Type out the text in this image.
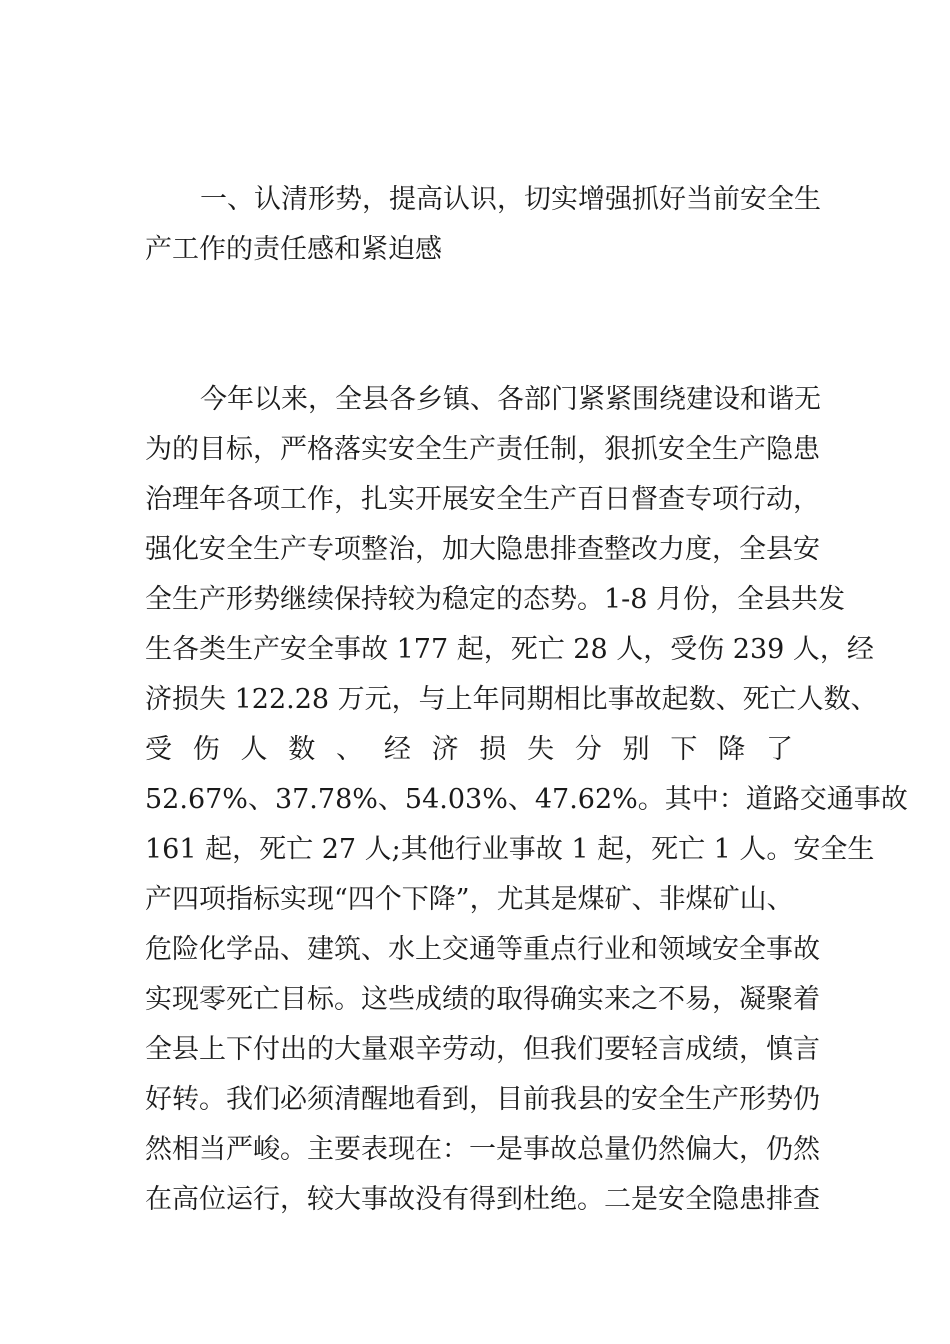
一、认清形势，提高认识，切实增强抓好当前安全生
产工作的责任感和紧迫感
今年以来，全县各乡镇、各部门紧紧围绕建设和谐无
为的目标，严格落实安全生产责任制，狠抓安全生产隐患
治理年各项工作，扎实开展安全生产百日督查专项行动，
强化安全生产专项整治，加大隐患排查整改力度，全县安
全生产形势继续保持较为稳定的态势。1-8 月份，全县共发
生各类生产安全事故 177 起，死亡 28 人，受伤 239 人，经
济损失 122.28 万元，与上年同期相比事故起数、死亡人数、
受 伤 人 数 、 经 济 损 失 分 别 下 降 了
52.67%、37.78%、54.03%、47.62%。其中：道路交通事故
161 起，死亡 27 人;其他行业事故 1 起，死亡 1 人。安全生
产四项指标实现“四个下降”，尤其是煤矿、非煤矿山、
危险化学品、建筑、水上交通等重点行业和领域安全事故
实现零死亡目标。这些成绩的取得确实来之不易，凝聚着
全县上下付出的大量艰辛劳动，但我们要轻言成绩，慎言
好转。我们必须清醒地看到，目前我县的安全生产形势仍
然相当严峻。主要表现在：一是事故总量仍然偏大，仍然
在高位运行，较大事故没有得到杜绝。二是安全隐患排查
